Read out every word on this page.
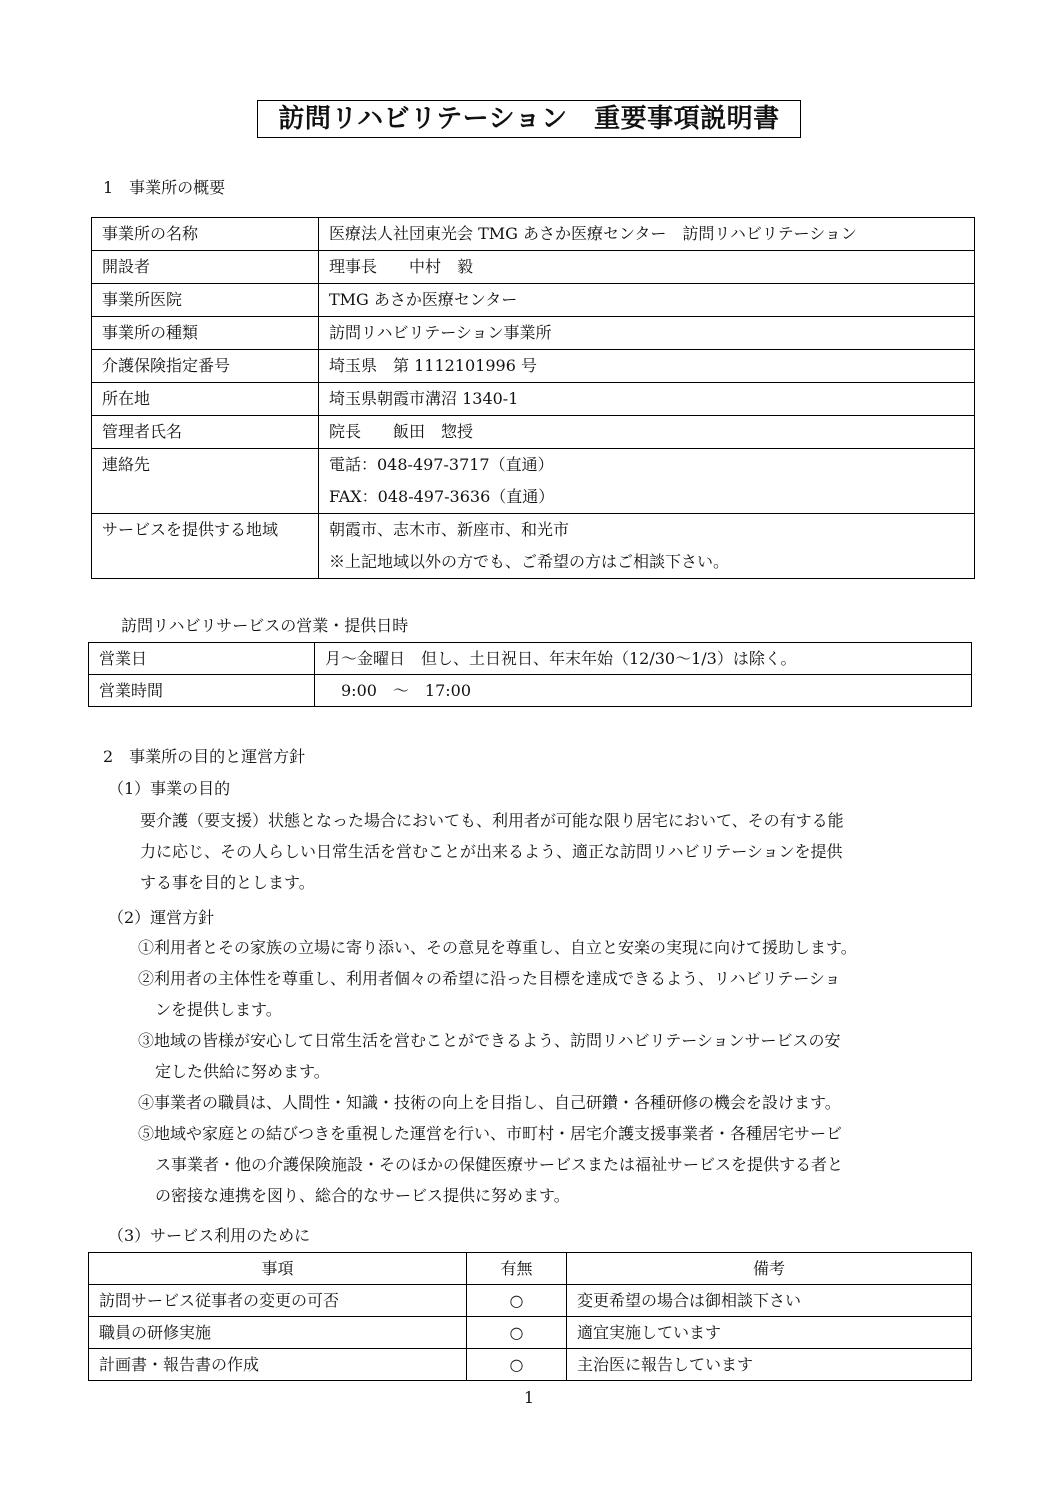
訪問リハビリテーション　重要事項説明書
1　事業所の概要
事業所の名称	医療法人社団東光会 TMG あさか医療センター　訪問リハビリテーション
開設者	理事長　　中村　毅
事業所医院	TMG あさか医療センター
事業所の種類	訪問リハビリテーション事業所
介護保険指定番号	埼玉県　第 1112101996 号
所在地	埼玉県朝霞市溝沼 1340-1
管理者氏名	院長　　飯田　惣授
連絡先	電話：048-497-3717（直通）
FAX：048-497-3636（直通）

サービスを提供する地域	朝霞市、志木市、新座市、和光市
※上記地域以外の方でも、ご希望の方はご相談下さい。
訪問リハビリサービスの営業・提供日時
営業日	月～金曜日　但し、土日祝日、年末年始（12/30～1/3）は除く。
営業時間	　9:00　～　17:00
2　事業所の目的と運営方針
（1）事業の目的
要介護（要支援）状態となった場合においても、利用者が可能な限り居宅において、その有する能
力に応じ、その人らしい日常生活を営むことが出来るよう、適正な訪問リハビリテーションを提供
する事を目的とします。
（2）運営方針
①利用者とその家族の立場に寄り添い、その意見を尊重し、自立と安楽の実現に向けて援助します。
②利用者の主体性を尊重し、利用者個々の希望に沿った目標を達成できるよう、リハビリテーショ
ンを提供します。
③地域の皆様が安心して日常生活を営むことができるよう、訪問リハビリテーションサービスの安
定した供給に努めます。
④事業者の職員は、人間性・知識・技術の向上を目指し、自己研鑽・各種研修の機会を設けます。
⑤地域や家庭との結びつきを重視した運営を行い、市町村・居宅介護支援事業者・各種居宅サービ
ス事業者・他の介護保険施設・そのほかの保健医療サービスまたは福祉サービスを提供する者と
の密接な連携を図り、総合的なサービス提供に努めます。
（3）サービス利用のために
事項	有無	備考
訪問サービス従事者の変更の可否	○	変更希望の場合は御相談下さい
職員の研修実施	○	適宜実施しています
計画書・報告書の作成	○	主治医に報告しています
1
